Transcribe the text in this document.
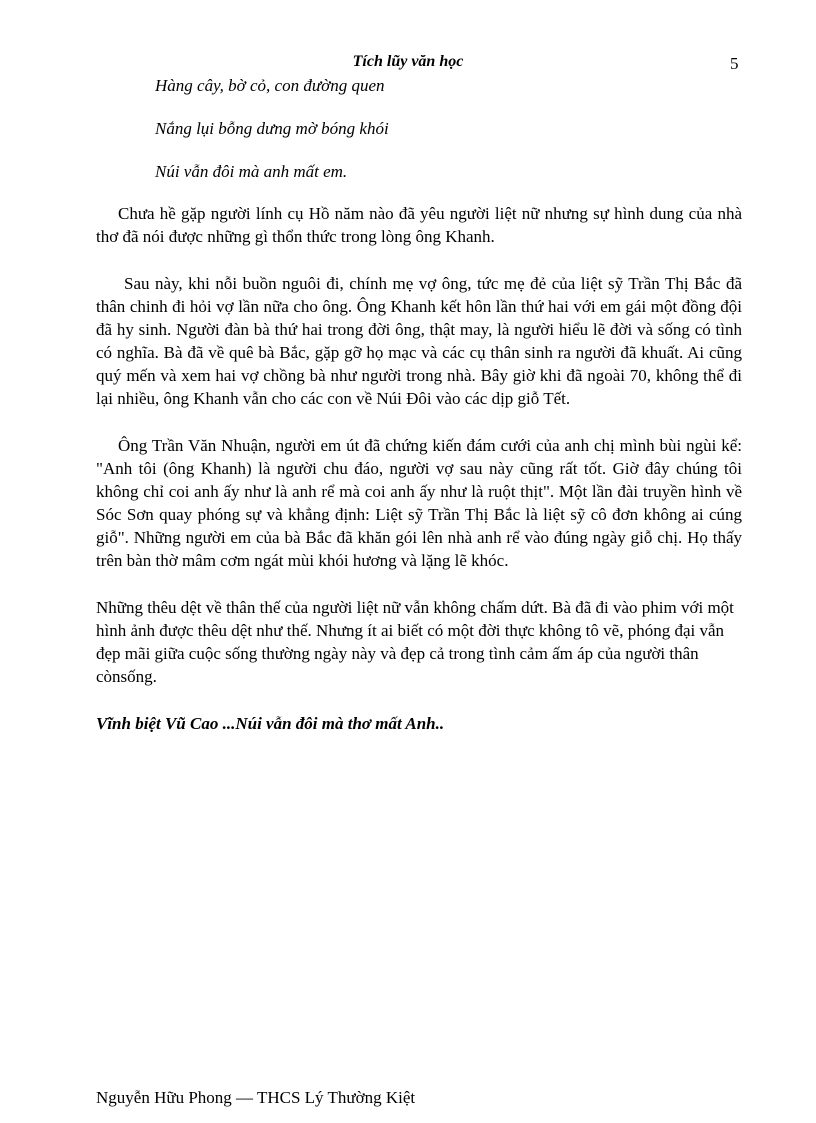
Tích lũy văn học	5
Hàng cây, bờ cỏ, con đường quen
Nắng lụi bỗng dưng mờ bóng khói
Núi vẫn đôi mà anh mất em.

Chưa hề gặp người lính cụ Hồ năm nào đã yêu người liệt nữ nhưng sự hình dung của nhà thơ đã nói được những gì thổn thức trong lòng ông Khanh.

Sau này, khi nỗi buồn nguôi đi, chính mẹ vợ ông, tức mẹ đẻ của liệt sỹ Trần Thị Bắc đã thân chinh đi hỏi vợ lần nữa cho ông. Ông Khanh kết hôn lần thứ hai với em gái một đồng đội đã hy sinh. Người đàn bà thứ hai trong đời ông, thật may, là người hiểu lẽ đời và sống có tình có nghĩa. Bà đã về quê bà Bắc, gặp gỡ họ mạc và các cụ thân sinh ra người đã khuất. Ai cũng quý mến và xem hai vợ chồng bà như người trong nhà. Bây giờ khi đã ngoài 70, không thể đi lại nhiều, ông Khanh vẫn cho các con về Núi Đôi vào các dịp giỗ Tết.

Ông Trần Văn Nhuận, người em út đã chứng kiến đám cưới của anh chị mình bùi ngùi kể: "Anh tôi (ông Khanh) là người chu đáo, người vợ sau này cũng rất tốt. Giờ đây chúng tôi không chỉ coi anh ấy như là anh rể mà coi anh ấy như là ruột thịt". Một lần đài truyền hình về Sóc Sơn quay phóng sự và khẳng định: Liệt sỹ Trần Thị Bắc là liệt sỹ cô đơn không ai cúng giỗ". Những người em của bà Bắc đã khăn gói lên nhà anh rể vào đúng ngày giỗ chị. Họ thấy trên bàn thờ mâm cơm ngát mùi khói hương và lặng lẽ khóc.

Những thêu dệt về thân thế của người liệt nữ vẫn không chấm dứt. Bà đã đi vào phim với một hình ảnh được thêu dệt như thế. Nhưng ít ai biết có một đời thực không tô vẽ, phóng đại vẫn đẹp mãi giữa cuộc sống thường ngày này và đẹp cả trong tình cảm ấm áp của người thân cònsống.

Vĩnh biệt Vũ Cao ...Núi vẫn đôi mà thơ mất Anh..
Nguyễn Hữu Phong — THCS Lý Thường Kiệt
